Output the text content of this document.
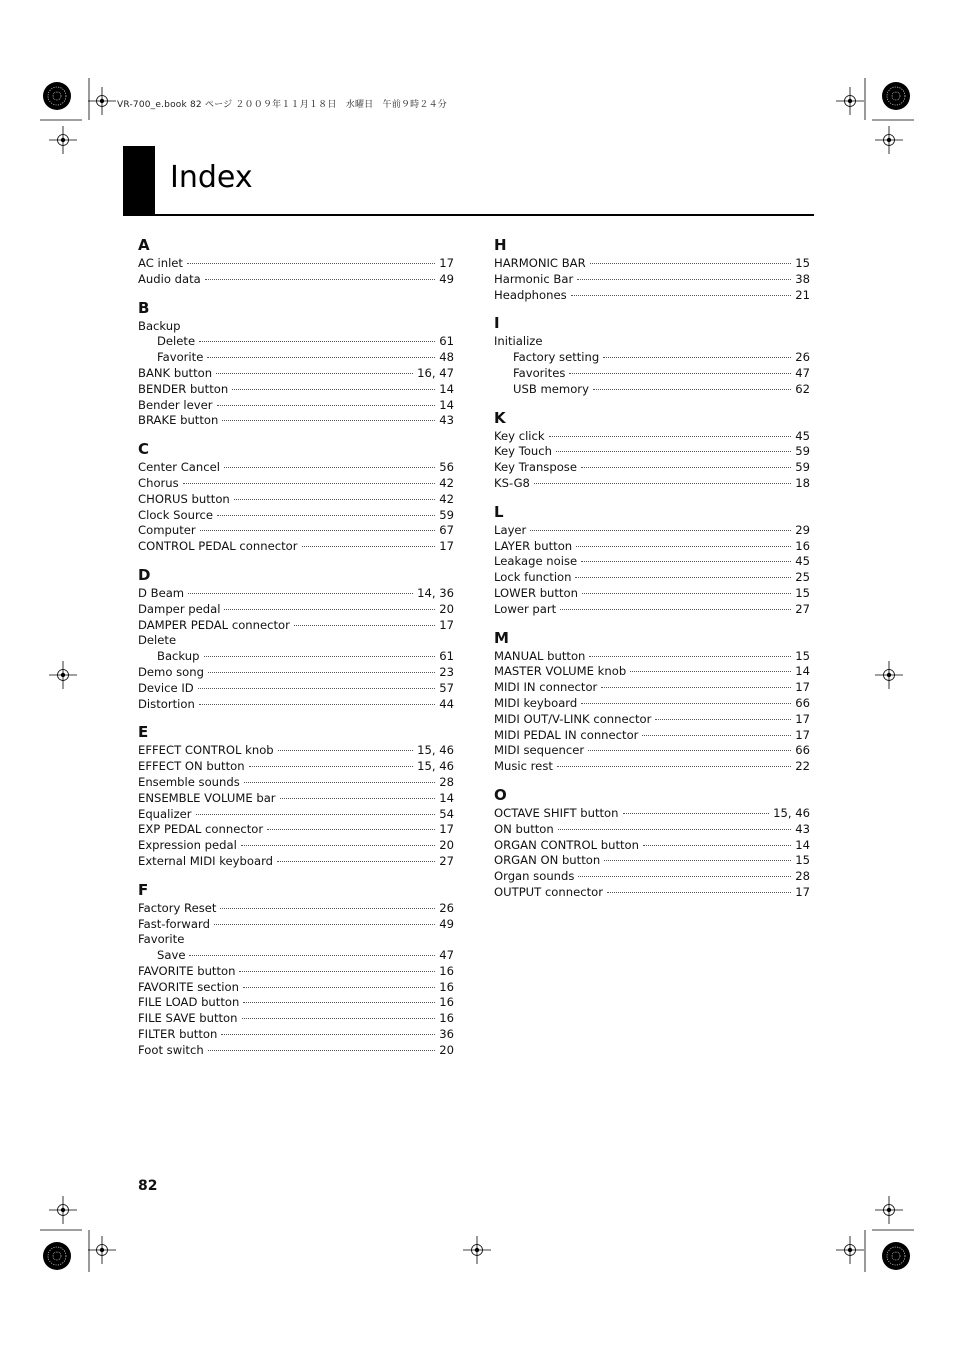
VR-700_e.book 82 ページ ２００９年１１月１８日　水曜日　午前９時２４分
Index
A
AC inlet	17
Audio data	49
B
Backup
Delete	61
Favorite	48
BANK button	16, 47
BENDER button	14
Bender lever	14
BRAKE button	43
C
Center Cancel	56
Chorus	42
CHORUS button	42
Clock Source	59
Computer	67
CONTROL PEDAL connector	17
D
D Beam	14, 36
Damper pedal	20
DAMPER PEDAL connector	17
Delete
Backup	61
Demo song	23
Device ID	57
Distortion	44
E
EFFECT CONTROL knob	15, 46
EFFECT ON button	15, 46
Ensemble sounds	28
ENSEMBLE VOLUME bar	14
Equalizer	54
EXP PEDAL connector	17
Expression pedal	20
External MIDI keyboard	27
F
Factory Reset	26
Fast-forward	49
Favorite
Save	47
FAVORITE button	16
FAVORITE section	16
FILE LOAD button	16
FILE SAVE button	16
FILTER button	36
Foot switch	20
H
HARMONIC BAR	15
Harmonic Bar	38
Headphones	21
I
Initialize
Factory setting	26
Favorites	47
USB memory	62
K
Key click	45
Key Touch	59
Key Transpose	59
KS-G8	18
L
Layer	29
LAYER button	16
Leakage noise	45
Lock function	25
LOWER button	15
Lower part	27
M
MANUAL button	15
MASTER VOLUME knob	14
MIDI IN connector	17
MIDI keyboard	66
MIDI OUT/V-LINK connector	17
MIDI PEDAL IN connector	17
MIDI sequencer	66
Music rest	22
O
OCTAVE SHIFT button	15, 46
ON button	43
ORGAN CONTROL button	14
ORGAN ON button	15
Organ sounds	28
OUTPUT connector	17
82
